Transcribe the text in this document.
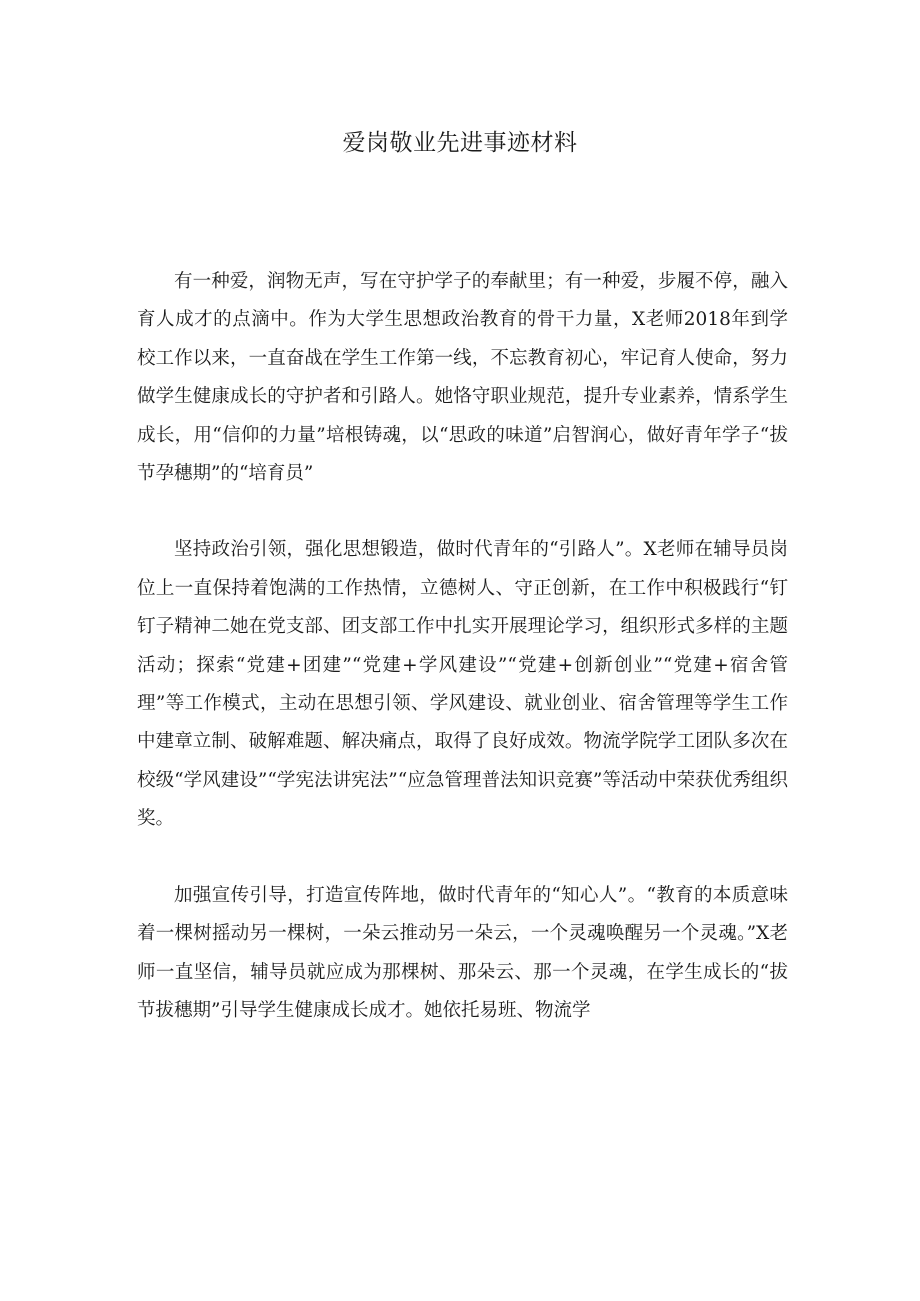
爱岗敬业先进事迹材料

有一种爱，润物无声，写在守护学子的奉献里；有一种爱，步履不停，融入育人成才的点滴中。作为大学生思想政治教育的骨干力量，X老师2018年到学校工作以来，一直奋战在学生工作第一线，不忘教育初心，牢记育人使命，努力做学生健康成长的守护者和引路人。她恪守职业规范，提升专业素养，情系学生成长，用“信仰的力量”培根铸魂，以“思政的味道”启智润心，做好青年学子“拔节孕穗期”的“培育员”

坚持政治引领，强化思想锻造，做时代青年的“引路人”。X老师在辅导员岗位上一直保持着饱满的工作热情，立德树人、守正创新，在工作中积极践行“钉钉子精神二她在党支部、团支部工作中扎实开展理论学习，组织形式多样的主题活动；探索“党建+团建”“党建+学风建设”“党建+创新创业”“党建+宿舍管理”等工作模式，主动在思想引领、学风建设、就业创业、宿舍管理等学生工作中建章立制、破解难题、解决痛点，取得了良好成效。物流学院学工团队多次在校级“学风建设”“学宪法讲宪法”“应急管理普法知识竞赛”等活动中荣获优秀组织奖。

加强宣传引导，打造宣传阵地，做时代青年的“知心人”。“教育的本质意味着一棵树摇动另一棵树，一朵云推动另一朵云，一个灵魂唤醒另一个灵魂。”X老师一直坚信，辅导员就应成为那棵树、那朵云、那一个灵魂，在学生成长的“拔节拔穗期”引导学生健康成长成才。她依托易班、物流学
